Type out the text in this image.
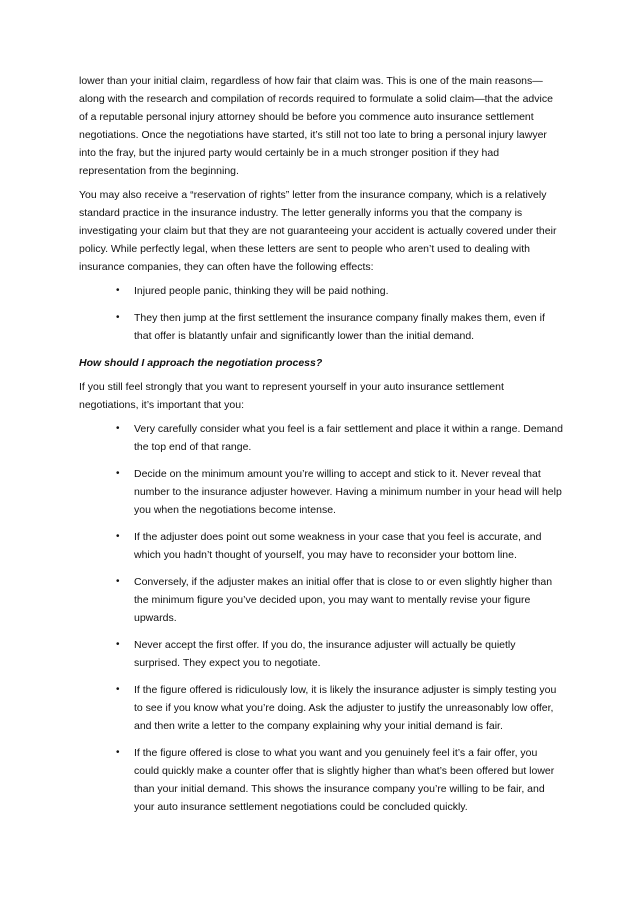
lower than your initial claim, regardless of how fair that claim was. This is one of the main reasons—along with the research and compilation of records required to formulate a solid claim—that the advice of a reputable personal injury attorney should be before you commence auto insurance settlement negotiations. Once the negotiations have started, it’s still not too late to bring a personal injury lawyer into the fray, but the injured party would certainly be in a much stronger position if they had representation from the beginning.

You may also receive a “reservation of rights” letter from the insurance company, which is a relatively standard practice in the insurance industry. The letter generally informs you that the company is investigating your claim but that they are not guaranteeing your accident is actually covered under their policy. While perfectly legal, when these letters are sent to people who aren’t used to dealing with insurance companies, they can often have the following effects:

• Injured people panic, thinking they will be paid nothing.
• They then jump at the first settlement the insurance company finally makes them, even if that offer is blatantly unfair and significantly lower than the initial demand.

How should I approach the negotiation process?

If you still feel strongly that you want to represent yourself in your auto insurance settlement negotiations, it’s important that you:

• Very carefully consider what you feel is a fair settlement and place it within a range. Demand the top end of that range.
• Decide on the minimum amount you’re willing to accept and stick to it. Never reveal that number to the insurance adjuster however. Having a minimum number in your head will help you when the negotiations become intense.
• If the adjuster does point out some weakness in your case that you feel is accurate, and which you hadn’t thought of yourself, you may have to reconsider your bottom line.
• Conversely, if the adjuster makes an initial offer that is close to or even slightly higher than the minimum figure you’ve decided upon, you may want to mentally revise your figure upwards.
• Never accept the first offer. If you do, the insurance adjuster will actually be quietly surprised. They expect you to negotiate.
• If the figure offered is ridiculously low, it is likely the insurance adjuster is simply testing you to see if you know what you’re doing. Ask the adjuster to justify the unreasonably low offer, and then write a letter to the company explaining why your initial demand is fair.
• If the figure offered is close to what you want and you genuinely feel it’s a fair offer, you could quickly make a counter offer that is slightly higher than what’s been offered but lower than your initial demand. This shows the insurance company you’re willing to be fair, and your auto insurance settlement negotiations could be concluded quickly.
